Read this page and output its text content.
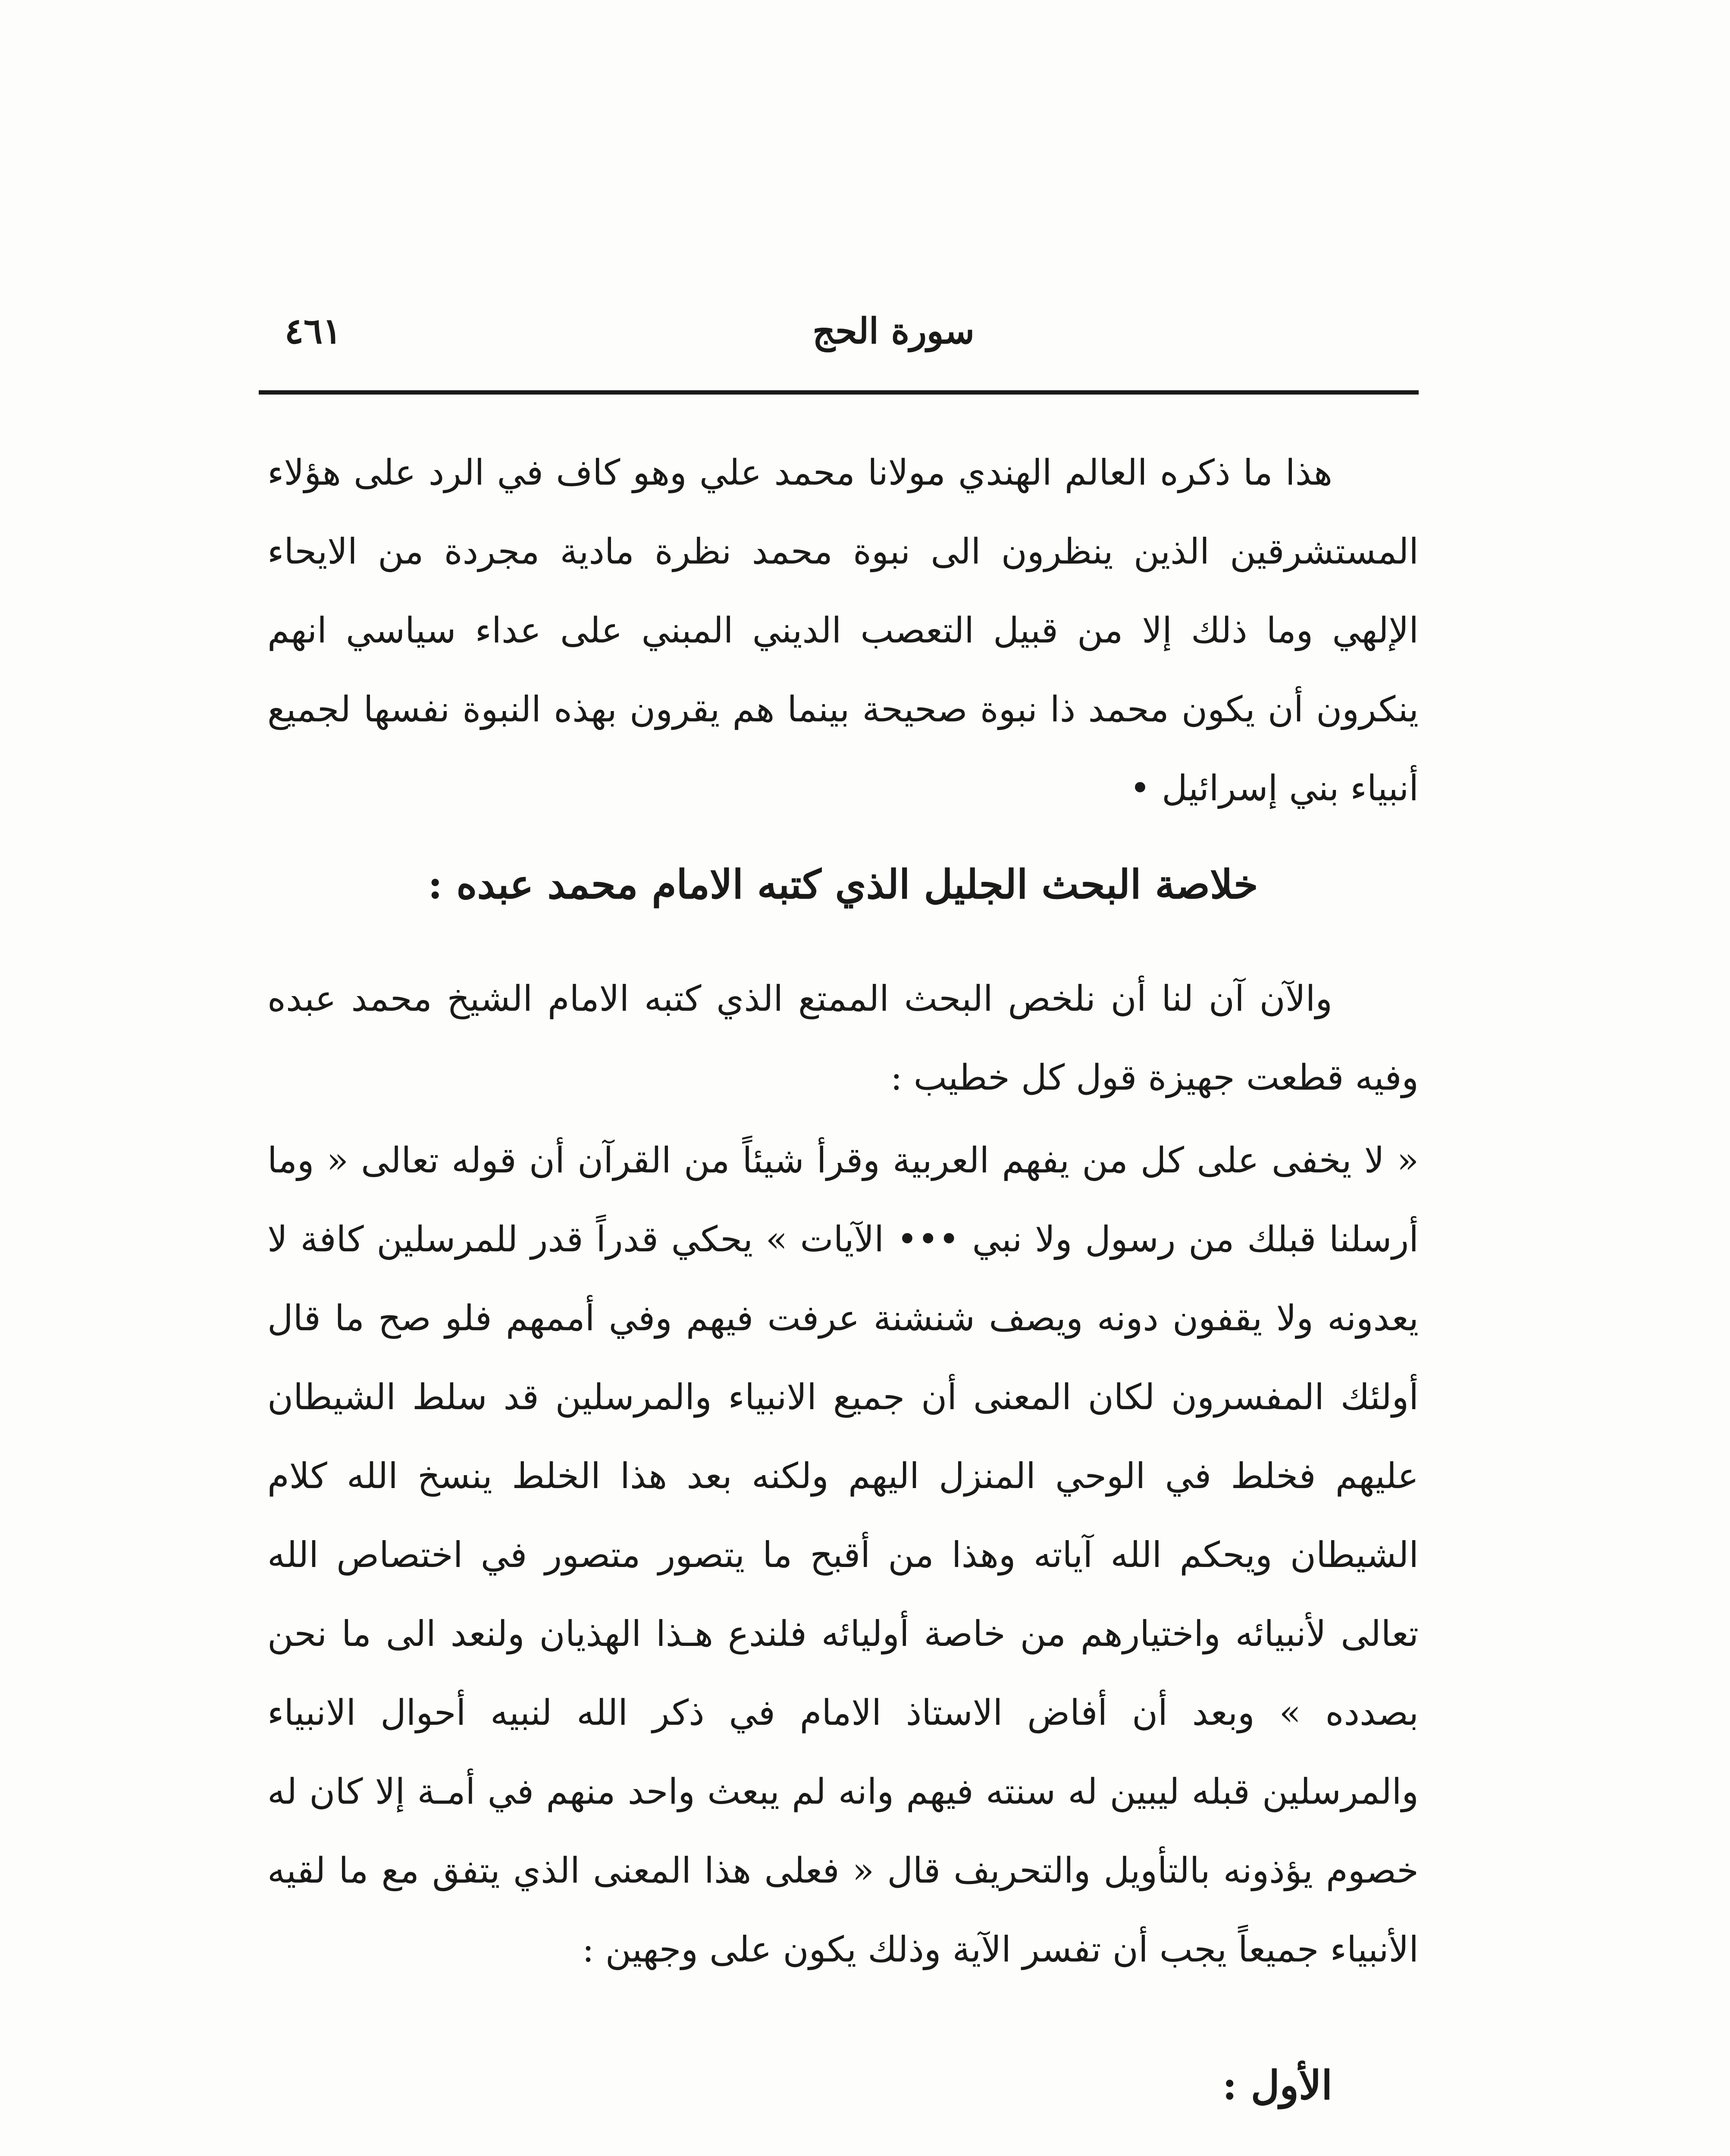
سورة الحج
٤٦١
هذا ما ذكره العالم الهندي مولانا محمد علي وهو كاف في الرد على هؤلاء المستشرقين الذين ينظرون الى نبوة محمد نظرة مادية مجردة من الايحاء الإلهي وما ذلك إلا من قبيل التعصب الديني المبني على عداء سياسي انهم ينكرون أن يكون محمد ذا نبوة صحيحة بينما هم يقرون بهذه النبوة نفسها لجميع أنبياء بني إسرائيل •
خلاصة البحث الجليل الذي كتبه الامام محمد عبده :
والآن آن لنا أن نلخص البحث الممتع الذي كتبه الامام الشيخ محمد عبده وفيه قطعت جهيزة قول كل خطيب :
« لا يخفى على كل من يفهم العربية وقرأ شيئاً من القرآن أن قوله تعالى « وما أرسلنا قبلك من رسول ولا نبي ••• الآيات » يحكي قدراً قدر للمرسلين كافة لا يعدونه ولا يقفون دونه ويصف شنشنة عرفت فيهم وفي أممهم فلو صح ما قال أولئك المفسرون لكان المعنى أن جميع الانبياء والمرسلين قد سلط الشيطان عليهم فخلط في الوحي المنزل اليهم ولكنه بعد هذا الخلط ينسخ الله كلام الشيطان ويحكم الله آياته وهذا من أقبح ما يتصور متصور في اختصاص الله تعالى لأنبيائه واختيارهم من خاصة أوليائه فلندع هـذا الهذيان ولنعد الى ما نحن بصدده » وبعد أن أفاض الاستاذ الامام في ذكر الله لنبيه أحوال الانبياء والمرسلين قبله ليبين له سنته فيهم وانه لم يبعث واحد منهم في أمـة إلا كان له خصوم يؤذونه بالتأويل والتحريف قال « فعلى هذا المعنى الذي يتفق مع ما لقيه الأنبياء جميعاً يجب أن تفسر الآية وذلك يكون على وجهين :
الأول :
